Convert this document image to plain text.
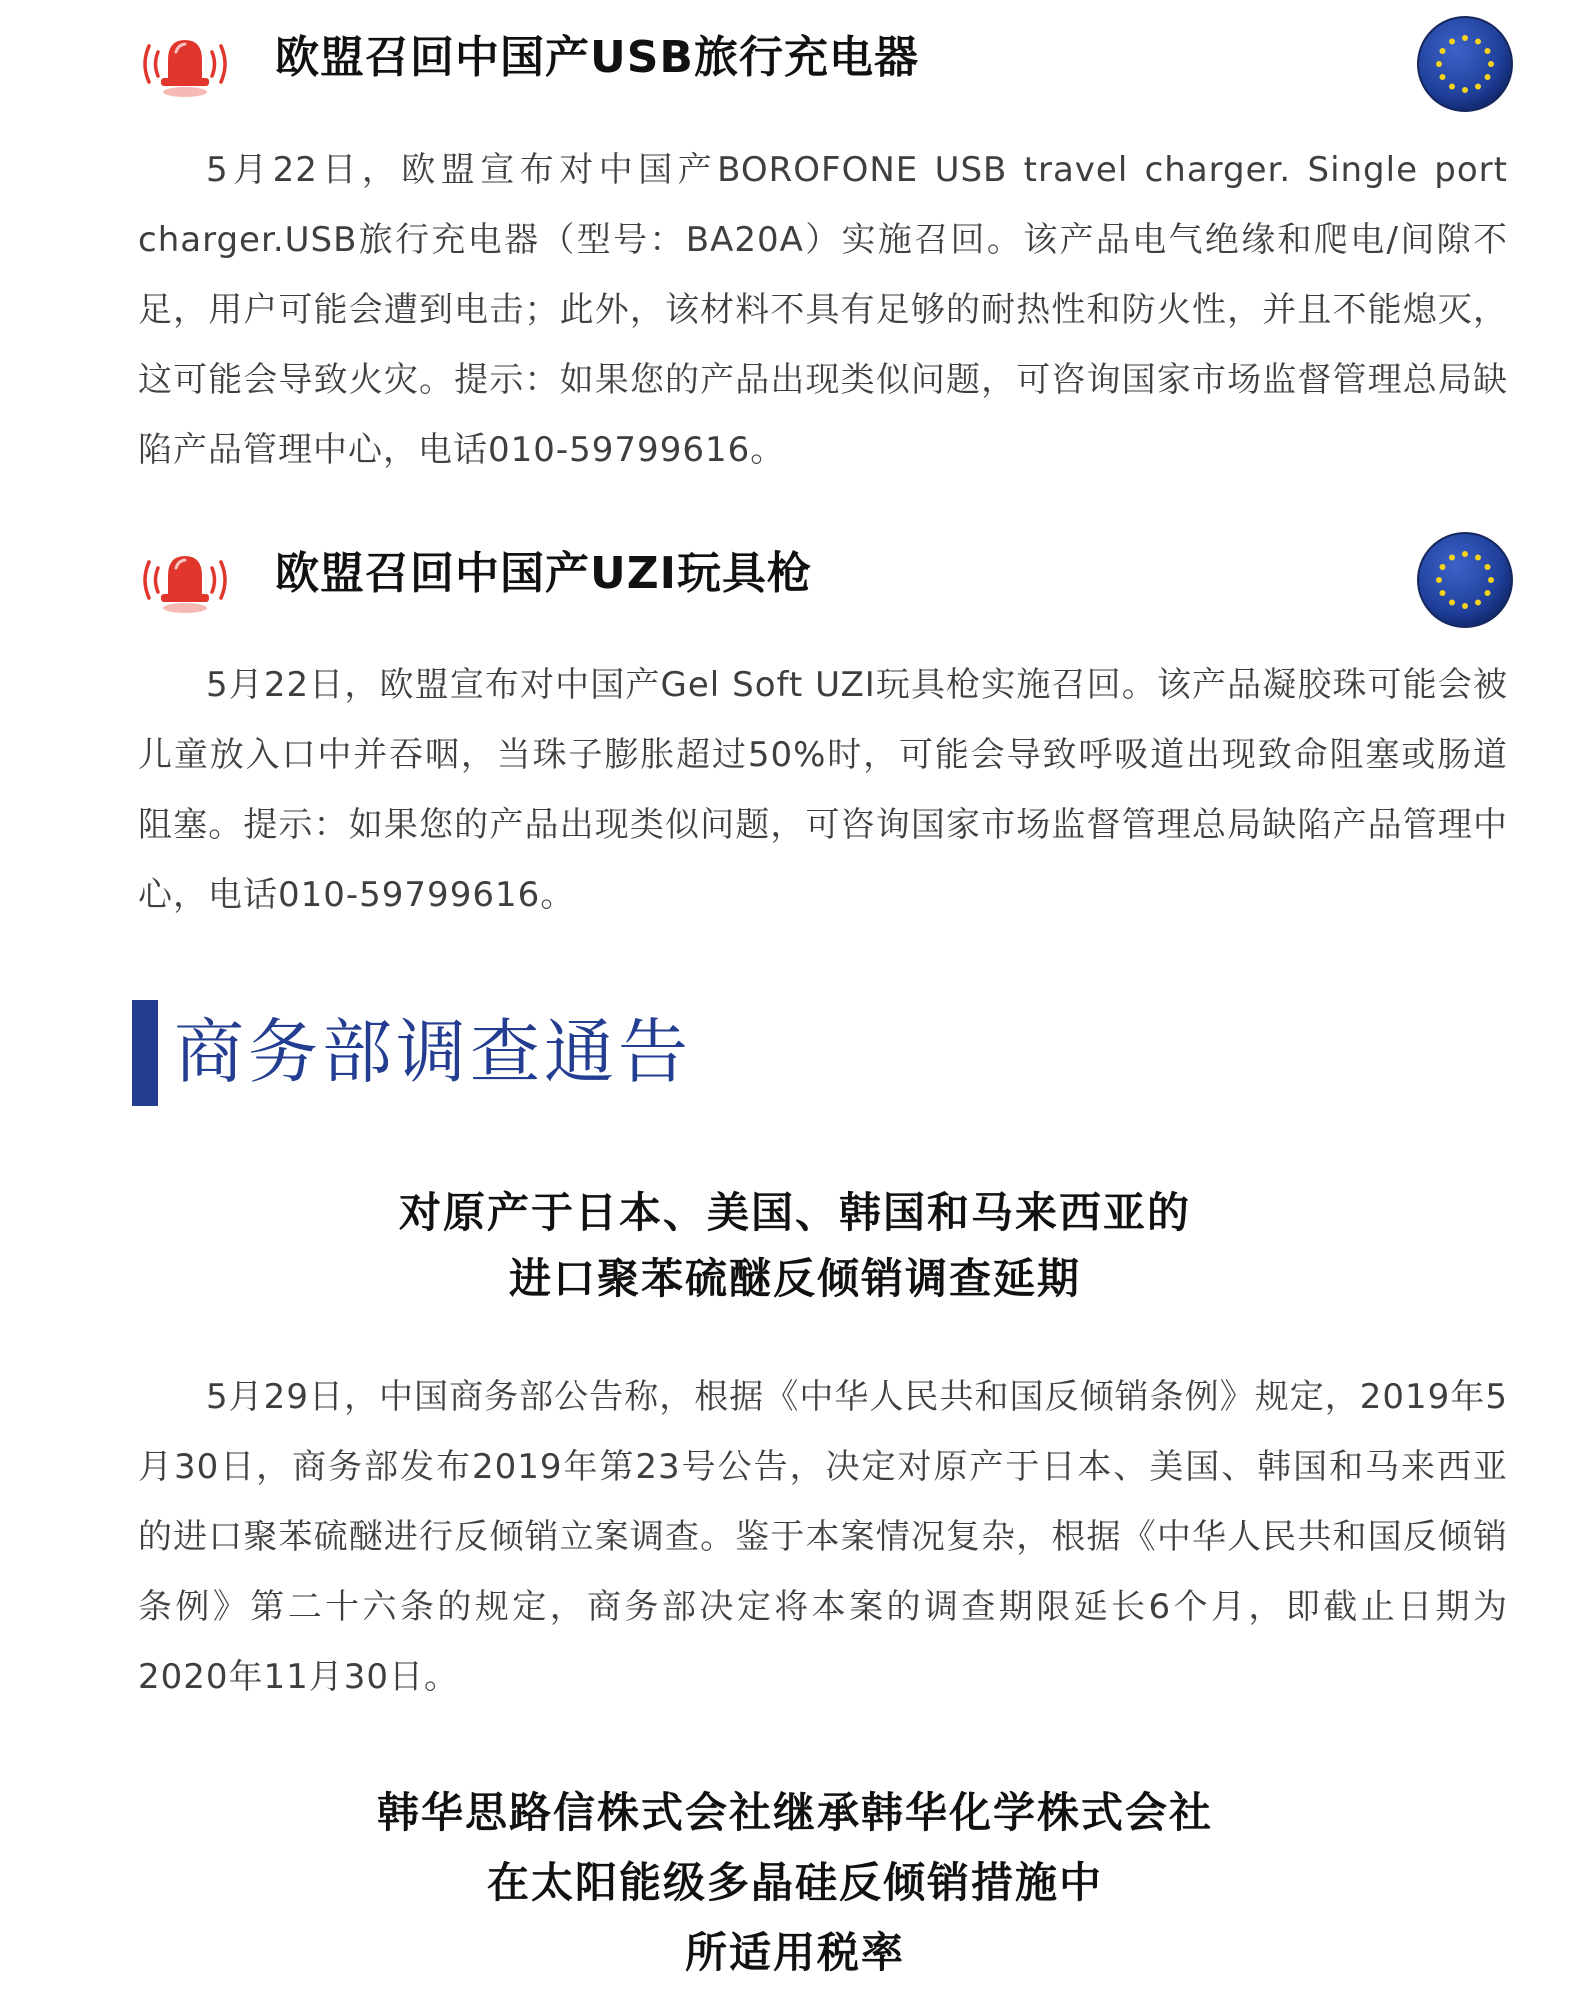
欧盟召回中国产USB旅行充电器

5月22日，欧盟宣布对中国产BOROFONE USB travel charger. Single port charger.USB旅行充电器（型号：BA20A）实施召回。该产品电气绝缘和爬电/间隙不足，用户可能会遭到电击；此外，该材料不具有足够的耐热性和防火性，并且不能熄灭，这可能会导致火灾。提示：如果您的产品出现类似问题，可咨询国家市场监督管理总局缺陷产品管理中心，电话010-59799616。

欧盟召回中国产UZI玩具枪

5月22日，欧盟宣布对中国产Gel Soft UZI玩具枪实施召回。该产品凝胶珠可能会被儿童放入口中并吞咽，当珠子膨胀超过50%时，可能会导致呼吸道出现致命阻塞或肠道阻塞。提示：如果您的产品出现类似问题，可咨询国家市场监督管理总局缺陷产品管理中心，电话010-59799616。

商务部调查通告
对原产于日本、美国、韩国和马来西亚的
进口聚苯硫醚反倾销调查延期

5月29日，中国商务部公告称，根据《中华人民共和国反倾销条例》规定，2019年5月30日，商务部发布2019年第23号公告，决定对原产于日本、美国、韩国和马来西亚的进口聚苯硫醚进行反倾销立案调查。鉴于本案情况复杂，根据《中华人民共和国反倾销条例》第二十六条的规定，商务部决定将本案的调查期限延长6个月，即截止日期为2020年11月30日。

韩华思路信株式会社继承韩华化学株式会社
在太阳能级多晶硅反倾销措施中
所适用税率
